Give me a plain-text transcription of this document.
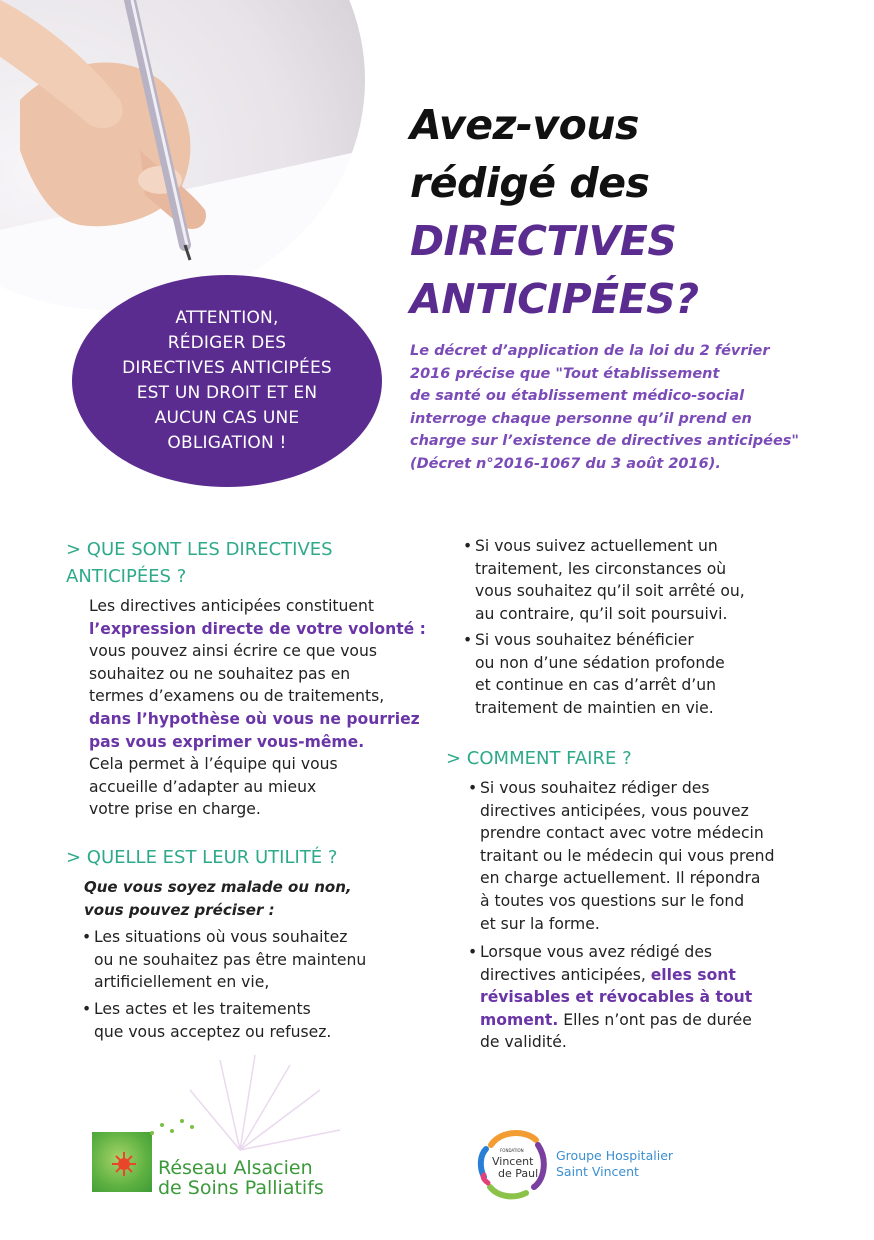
ATTENTION,
RÉDIGER DES
DIRECTIVES ANTICIPÉES
EST UN DROIT ET EN
AUCUN CAS UNE
OBLIGATION !
Avez-vous
rédigé des
DIRECTIVES
ANTICIPÉES?
Le décret d’application de la loi du 2 février
2016 précise que "Tout établissement
de santé ou établissement médico-social
interroge chaque personne qu’il prend en
charge sur l’existence de directives anticipées"
(Décret n°2016-1067 du 3 août 2016).
> QUE SONT LES DIRECTIVES
ANTICIPÉES ?
Les directives anticipées constituent
l’expression directe de votre volonté :
vous pouvez ainsi écrire ce que vous
souhaitez ou ne souhaitez pas en
termes d’examens ou de traitements,
dans l’hypothèse où vous ne pourriez
pas vous exprimer vous-même.
Cela permet à l’équipe qui vous
accueille d’adapter au mieux
votre prise en charge.
> QUELLE EST LEUR UTILITÉ ?
Que vous soyez malade ou non,
vous pouvez préciser :
• Les situations où vous souhaitez
ou ne souhaitez pas être maintenu
artificiellement en vie,
• Les actes et les traitements
que vous acceptez ou refusez.
• Si vous suivez actuellement un
traitement, les circonstances où
vous souhaitez qu’il soit arrêté ou,
au contraire, qu’il soit poursuivi.
• Si vous souhaitez bénéficier
ou non d’une sédation profonde
et continue en cas d’arrêt d’un
traitement de maintien en vie.
> COMMENT FAIRE ?
• Si vous souhaitez rédiger des
directives anticipées, vous pouvez
prendre contact avec votre médecin
traitant ou le médecin qui vous prend
en charge actuellement. Il répondra
à toutes vos questions sur le fond
et sur la forme.
• Lorsque vous avez rédigé des
directives anticipées, elles sont
révisables et révocables à tout
moment. Elles n’ont pas de durée
de validité.
Réseau Alsacien
de Soins Palliatifs
FONDATION
Vincent
de Paul
Groupe Hospitalier
Saint Vincent
